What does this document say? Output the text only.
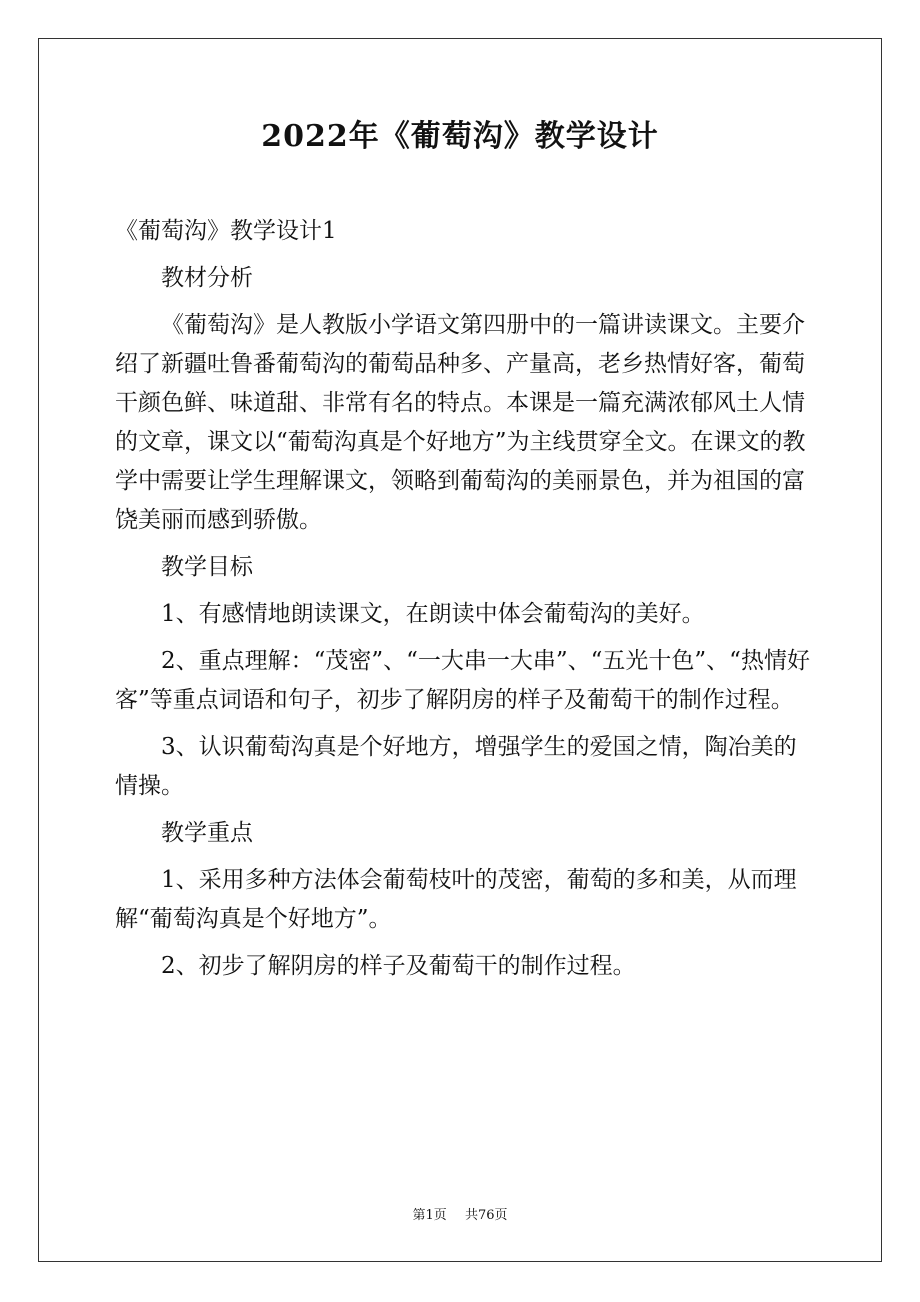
2022年《葡萄沟》教学设计

《葡萄沟》教学设计1

教材分析

《葡萄沟》是人教版小学语文第四册中的一篇讲读课文。主要介绍了新疆吐鲁番葡萄沟的葡萄品种多、产量高，老乡热情好客，葡萄干颜色鲜、味道甜、非常有名的特点。本课是一篇充满浓郁风土人情的文章，课文以“葡萄沟真是个好地方”为主线贯穿全文。在课文的教学中需要让学生理解课文，领略到葡萄沟的美丽景色，并为祖国的富饶美丽而感到骄傲。

教学目标

1、有感情地朗读课文，在朗读中体会葡萄沟的美好。

2、重点理解：“茂密”、“一大串一大串”、“五光十色”、“热情好客”等重点词语和句子，初步了解阴房的样子及葡萄干的制作过程。

3、认识葡萄沟真是个好地方，增强学生的爱国之情，陶冶美的情操。

教学重点

1、采用多种方法体会葡萄枝叶的茂密，葡萄的多和美，从而理解“葡萄沟真是个好地方”。

2、初步了解阴房的样子及葡萄干的制作过程。

第1页 共76页
